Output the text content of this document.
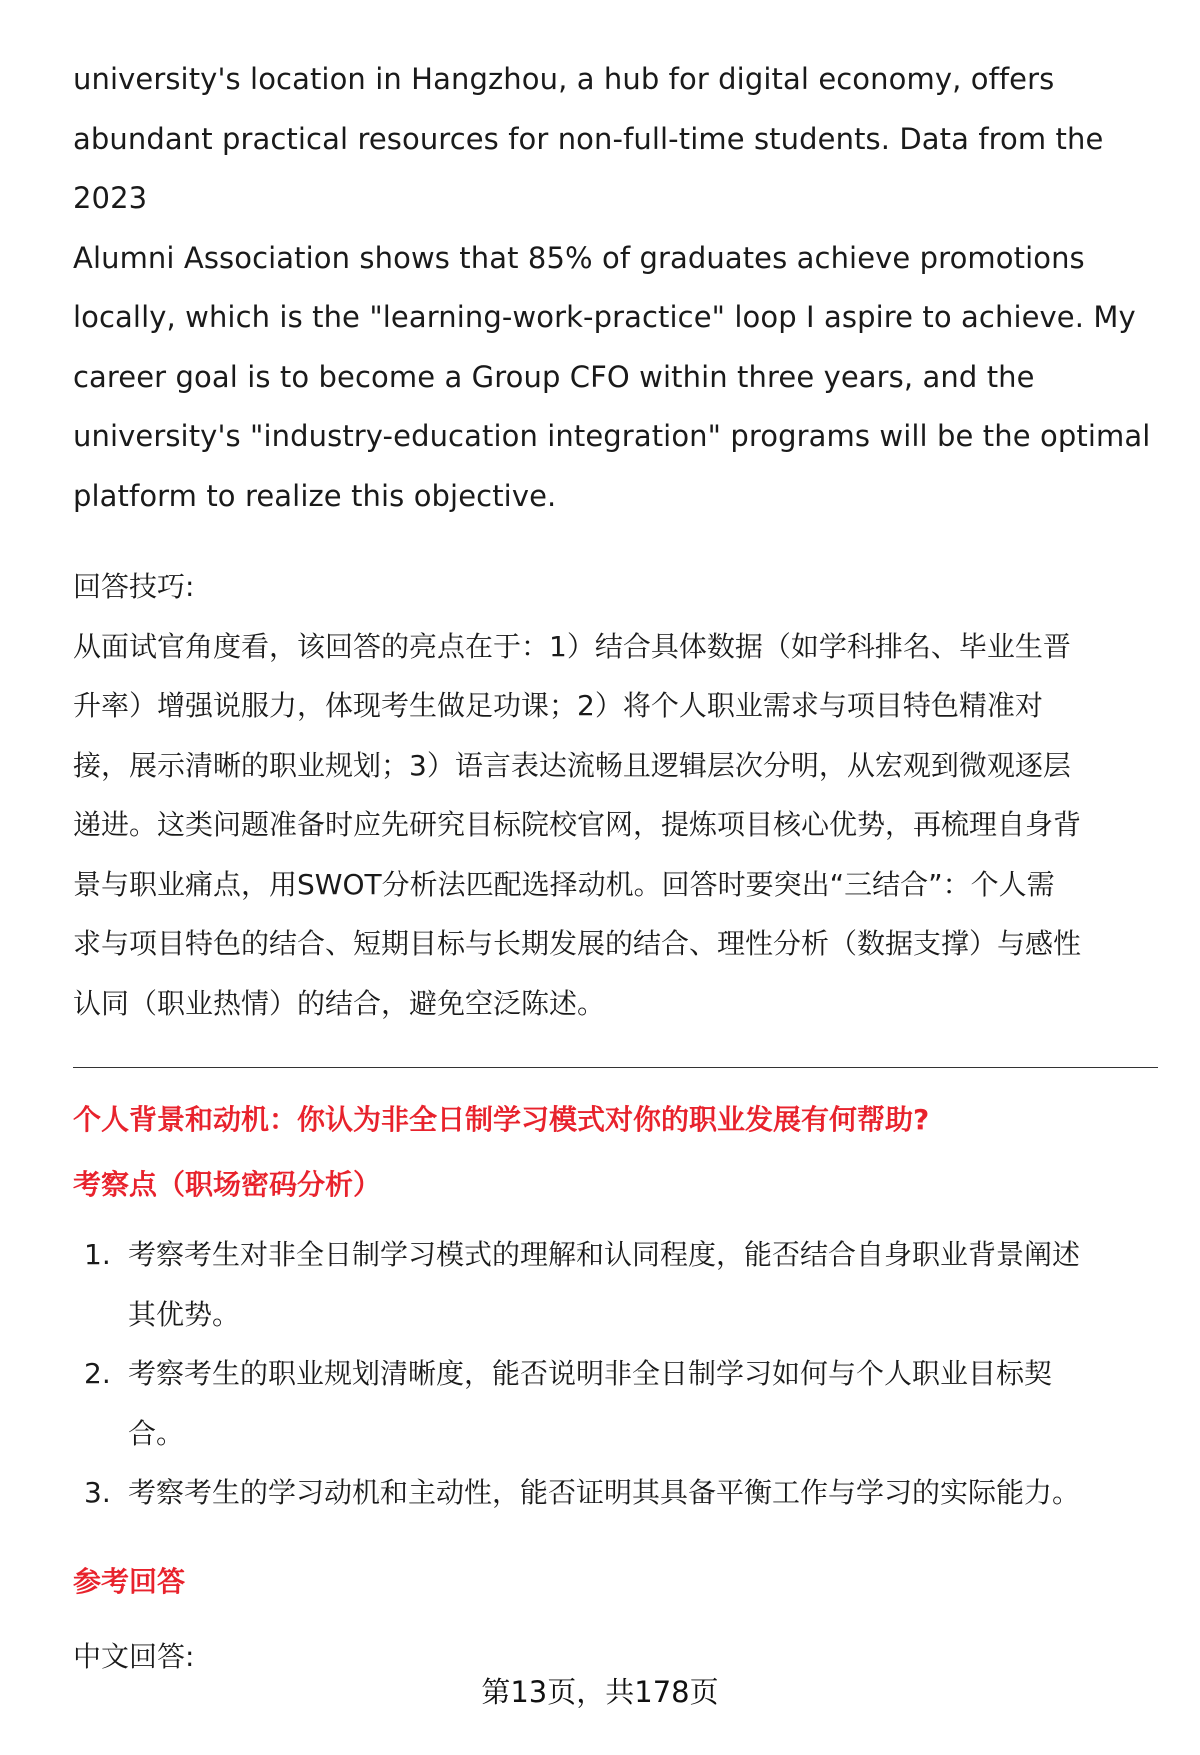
university's location in Hangzhou, a hub for digital economy, offers

abundant practical resources for non-full-time students. Data from the 2023

Alumni Association shows that 85% of graduates achieve promotions

locally, which is the "learning-work-practice" loop I aspire to achieve. My

career goal is to become a Group CFO within three years, and the

university's "industry-education integration" programs will be the optimal

platform to realize this objective.

回答技巧:

从面试官角度看，该回答的亮点在于：1）结合具体数据（如学科排名、毕业生晋

升率）增强说服力，体现考生做足功课；2）将个人职业需求与项目特色精准对

接，展示清晰的职业规划；3）语言表达流畅且逻辑层次分明，从宏观到微观逐层

递进。这类问题准备时应先研究目标院校官网，提炼项目核心优势，再梳理自身背

景与职业痛点，用SWOT分析法匹配选择动机。回答时要突出“三结合”：个人需

求与项目特色的结合、短期目标与长期发展的结合、理性分析（数据支撑）与感性

认同（职业热情）的结合，避免空泛陈述。

个人背景和动机：你认为非全日制学习模式对你的职业发展有何帮助?
考察点（职场密码分析）
1. 考察考生对非全日制学习模式的理解和认同程度，能否结合自身职业背景阐述
其优势。
2. 考察考生的职业规划清晰度，能否说明非全日制学习如何与个人职业目标契
合。
3. 考察考生的学习动机和主动性，能否证明其具备平衡工作与学习的实际能力。
参考回答

中文回答:

第13页，共178页
